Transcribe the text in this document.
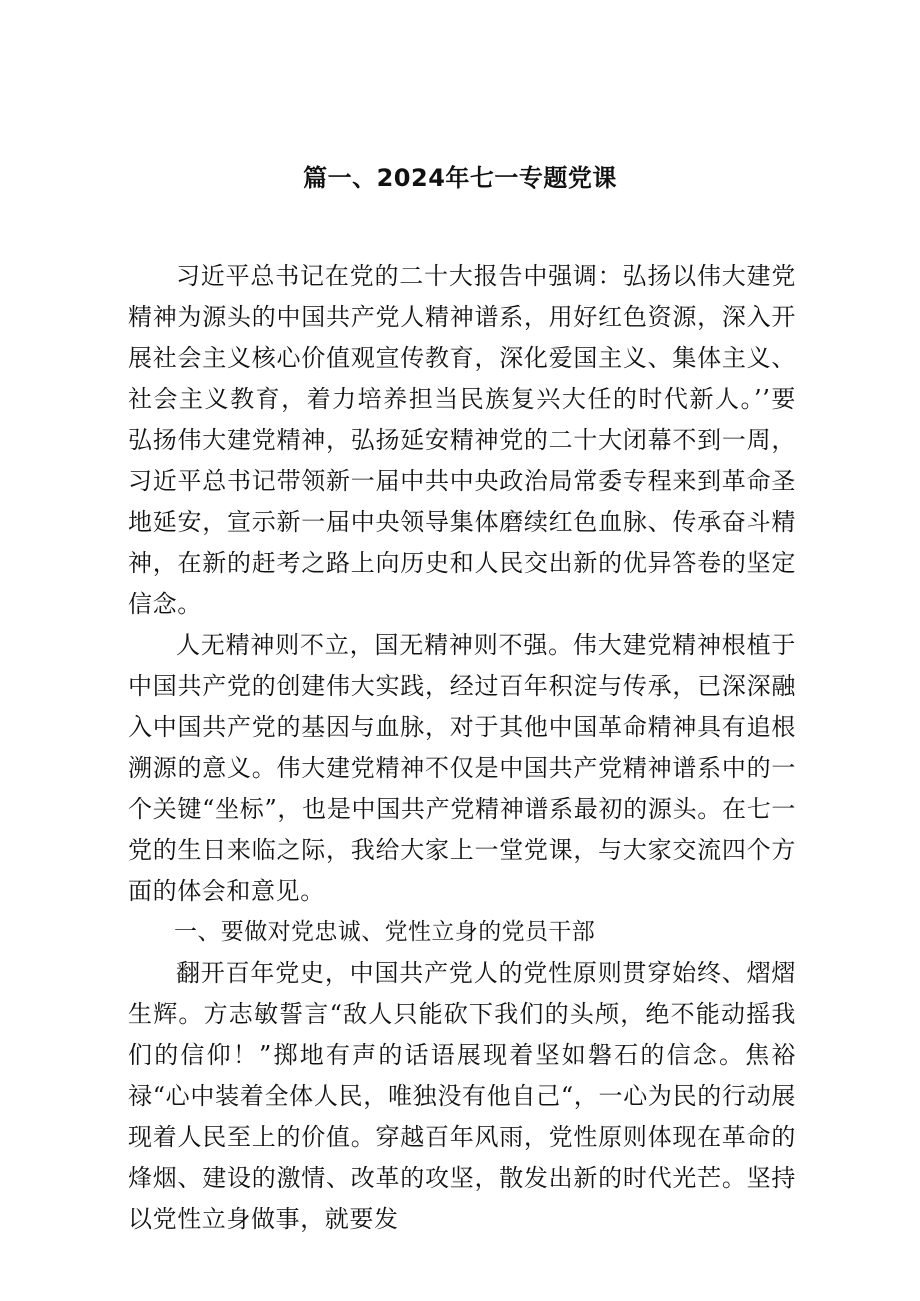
篇一、2024年七一专题党课

习近平总书记在党的二十大报告中强调：弘扬以伟大建党精神为源头的中国共产党人精神谱系，用好红色资源，深入开展社会主义核心价值观宣传教育，深化爱国主义、集体主义、社会主义教育，着力培养担当民族复兴大任的时代新人。’’要弘扬伟大建党精神，弘扬延安精神党的二十大闭幕不到一周，习近平总书记带领新一届中共中央政治局常委专程来到革命圣地延安，宣示新一届中央领导集体磨续红色血脉、传承奋斗精神，在新的赶考之路上向历史和人民交出新的优异答卷的坚定信念。

人无精神则不立，国无精神则不强。伟大建党精神根植于中国共产党的创建伟大实践，经过百年积淀与传承，已深深融入中国共产党的基因与血脉，对于其他中国革命精神具有追根溯源的意义。伟大建党精神不仅是中国共产党精神谱系中的一个关键“坐标”，也是中国共产党精神谱系最初的源头。在七一党的生日来临之际，我给大家上一堂党课，与大家交流四个方面的体会和意见。

一、要做对党忠诚、党性立身的党员干部

翻开百年党史，中国共产党人的党性原则贯穿始终、熠熠生辉。方志敏誓言“敌人只能砍下我们的头颅，绝不能动摇我们的信仰！”掷地有声的话语展现着坚如磐石的信念。焦裕禄“心中装着全体人民，唯独没有他自己“，一心为民的行动展现着人民至上的价值。穿越百年风雨，党性原则体现在革命的烽烟、建设的激情、改革的攻坚，散发出新的时代光芒。坚持以党性立身做事，就要发
